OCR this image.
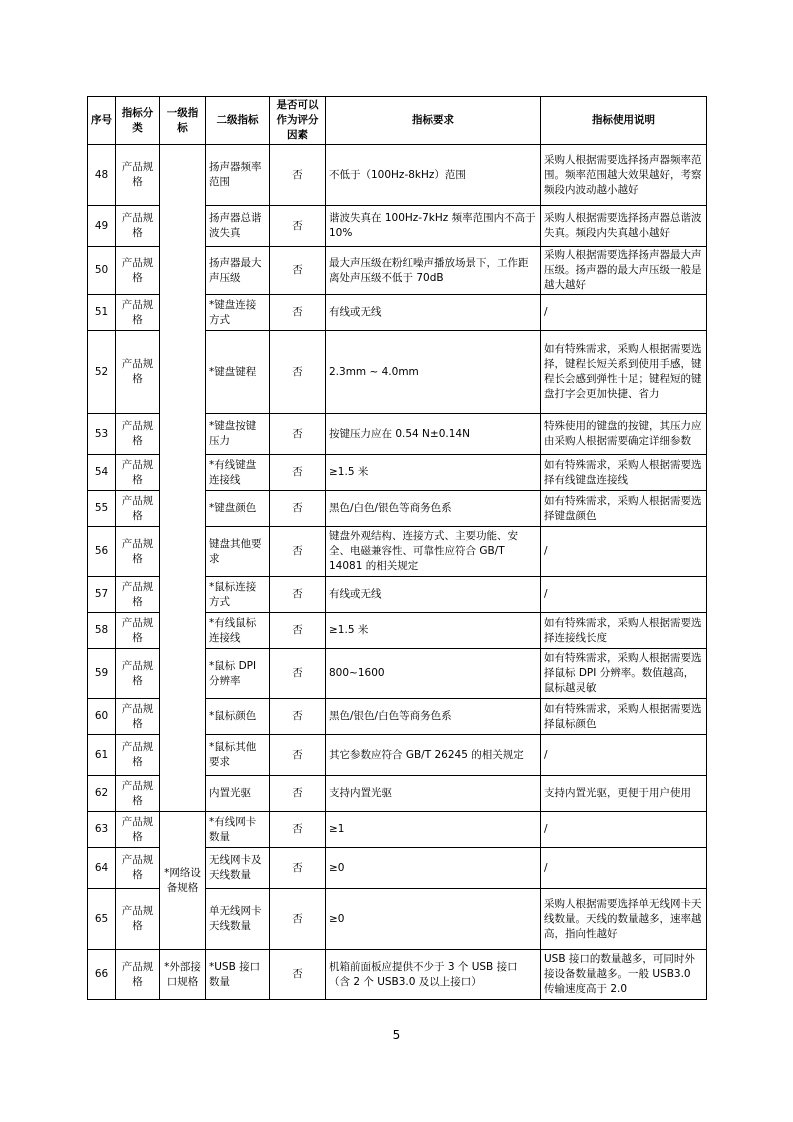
序号	指标分类	一级指标	二级指标	是否可以作为评分因素	指标要求	指标使用说明
48	产品规格		扬声器频率范围	否	不低于（100Hz-8kHz）范围	采购人根据需要选择扬声器频率范围。频率范围越大效果越好，考察频段内波动越小越好
49	产品规格		扬声器总谐波失真	否	谐波失真在 100Hz-7kHz 频率范围内不高于 10%	采购人根据需要选择扬声器总谐波失真。频段内失真越小越好
50	产品规格		扬声器最大声压级	否	最大声压级在粉红噪声播放场景下，工作距离处声压级不低于 70dB	采购人根据需要选择扬声器最大声压级。扬声器的最大声压级一般是越大越好
51	产品规格		*键盘连接方式	否	有线或无线	/
52	产品规格		*键盘键程	否	2.3mm ~ 4.0mm	如有特殊需求，采购人根据需要选择，键程长短关系到使用手感，键程长会感到弹性十足；键程短的键盘打字会更加快捷、省力
53	产品规格		*键盘按键压力	否	按键压力应在 0.54 N±0.14N	特殊使用的键盘的按键，其压力应由采购人根据需要确定详细参数
54	产品规格		*有线键盘连接线	否	≥1.5 米	如有特殊需求，采购人根据需要选择有线键盘连接线
55	产品规格		*键盘颜色	否	黑色/白色/银色等商务色系	如有特殊需求，采购人根据需要选择键盘颜色
56	产品规格		键盘其他要求	否	键盘外观结构、连接方式、主要功能、安全、电磁兼容性、可靠性应符合 GB/T 14081 的相关规定	/
57	产品规格		*鼠标连接方式	否	有线或无线	/
58	产品规格		*有线鼠标连接线	否	≥1.5 米	如有特殊需求，采购人根据需要选择连接线长度
59	产品规格		*鼠标 DPI 分辨率	否	800~1600	如有特殊需求，采购人根据需要选择鼠标 DPI 分辨率。数值越高，鼠标越灵敏
60	产品规格		*鼠标颜色	否	黑色/银色/白色等商务色系	如有特殊需求，采购人根据需要选择鼠标颜色
61	产品规格		*鼠标其他要求	否	其它参数应符合 GB/T 26245 的相关规定	/
62	产品规格		内置光驱	否	支持内置光驱	支持内置光驱，更便于用户使用
63	产品规格	*网络设备规格	*有线网卡数量	否	≥1	/
64	产品规格		无线网卡及天线数量	否	≥0	/
65	产品规格		单无线网卡天线数量	否	≥0	采购人根据需要选择单无线网卡天线数量。天线的数量越多，速率越高，指向性越好
66	产品规格	*外部接口规格	*USB 接口数量	否	机箱前面板应提供不少于 3 个 USB 接口（含 2 个 USB3.0 及以上接口）	USB 接口的数量越多，可同时外接设备数量越多。一般 USB3.0 传输速度高于 2.0
5
